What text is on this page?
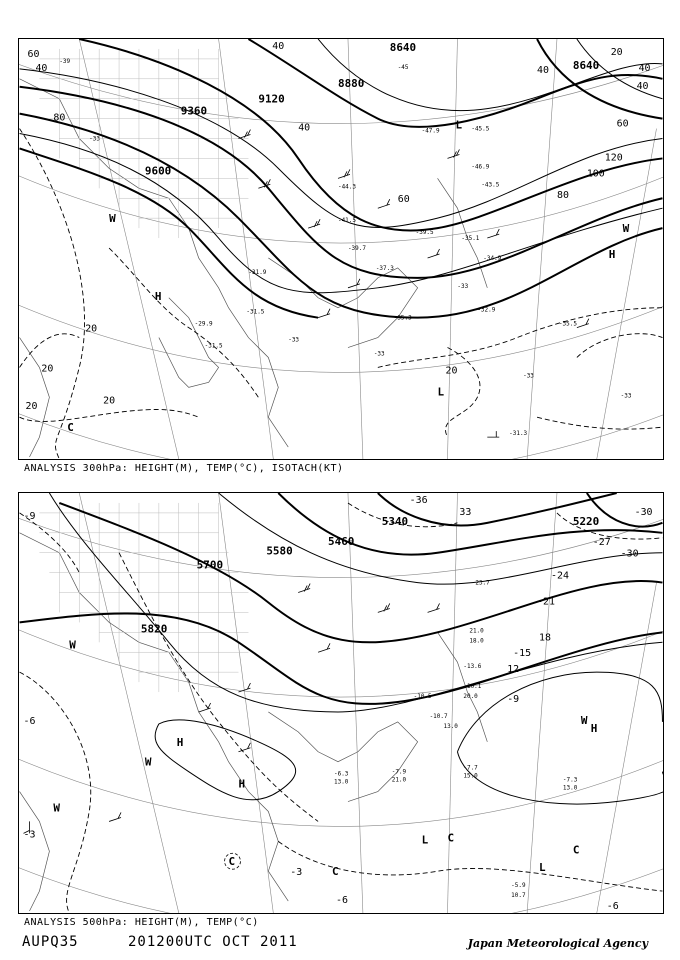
8640
8880
9120
9360
9600
8640
60
40
80
40
20
40
60	80
120
100
40
20
20
20
20
40
60
40
20
W
H
C
L
W
H
L
-39
-45
-47.9	-45.5
-46.9
-43.5
-44.3
-41.5
-39.5
-35.1
-39.7
-37.3
-34.9
-33
-35.3
-32.9
-35.5
-31.9
-31.5
-29.9
-31.5
-31.3
-33
-33
-33
-33
-33
ANALYSIS 300hPa: HEIGHT(M), TEMP(°C), ISOTACH(KT)
5340
5460
5580
5700
5820
5220
-36
33
-30
-27
-24
-21
18
-15
12
-9
-6
-3
-3
-6
-6
-9	-30
W
H
H
W
W
C
C
L C
L
C
W
H
23.7
21.0
18.0
-13.6
-10.1
20.0
-10.5
-10.7
13.0
-7.7
15.0
-7.3
13.0
-7.9
21.0
-6.3
13.0
-5.9
10.7
ANALYSIS 500hPa: HEIGHT(M), TEMP(°C)
AUPQ35	201200UTC OCT 2011	Japan Meteorological Agency
